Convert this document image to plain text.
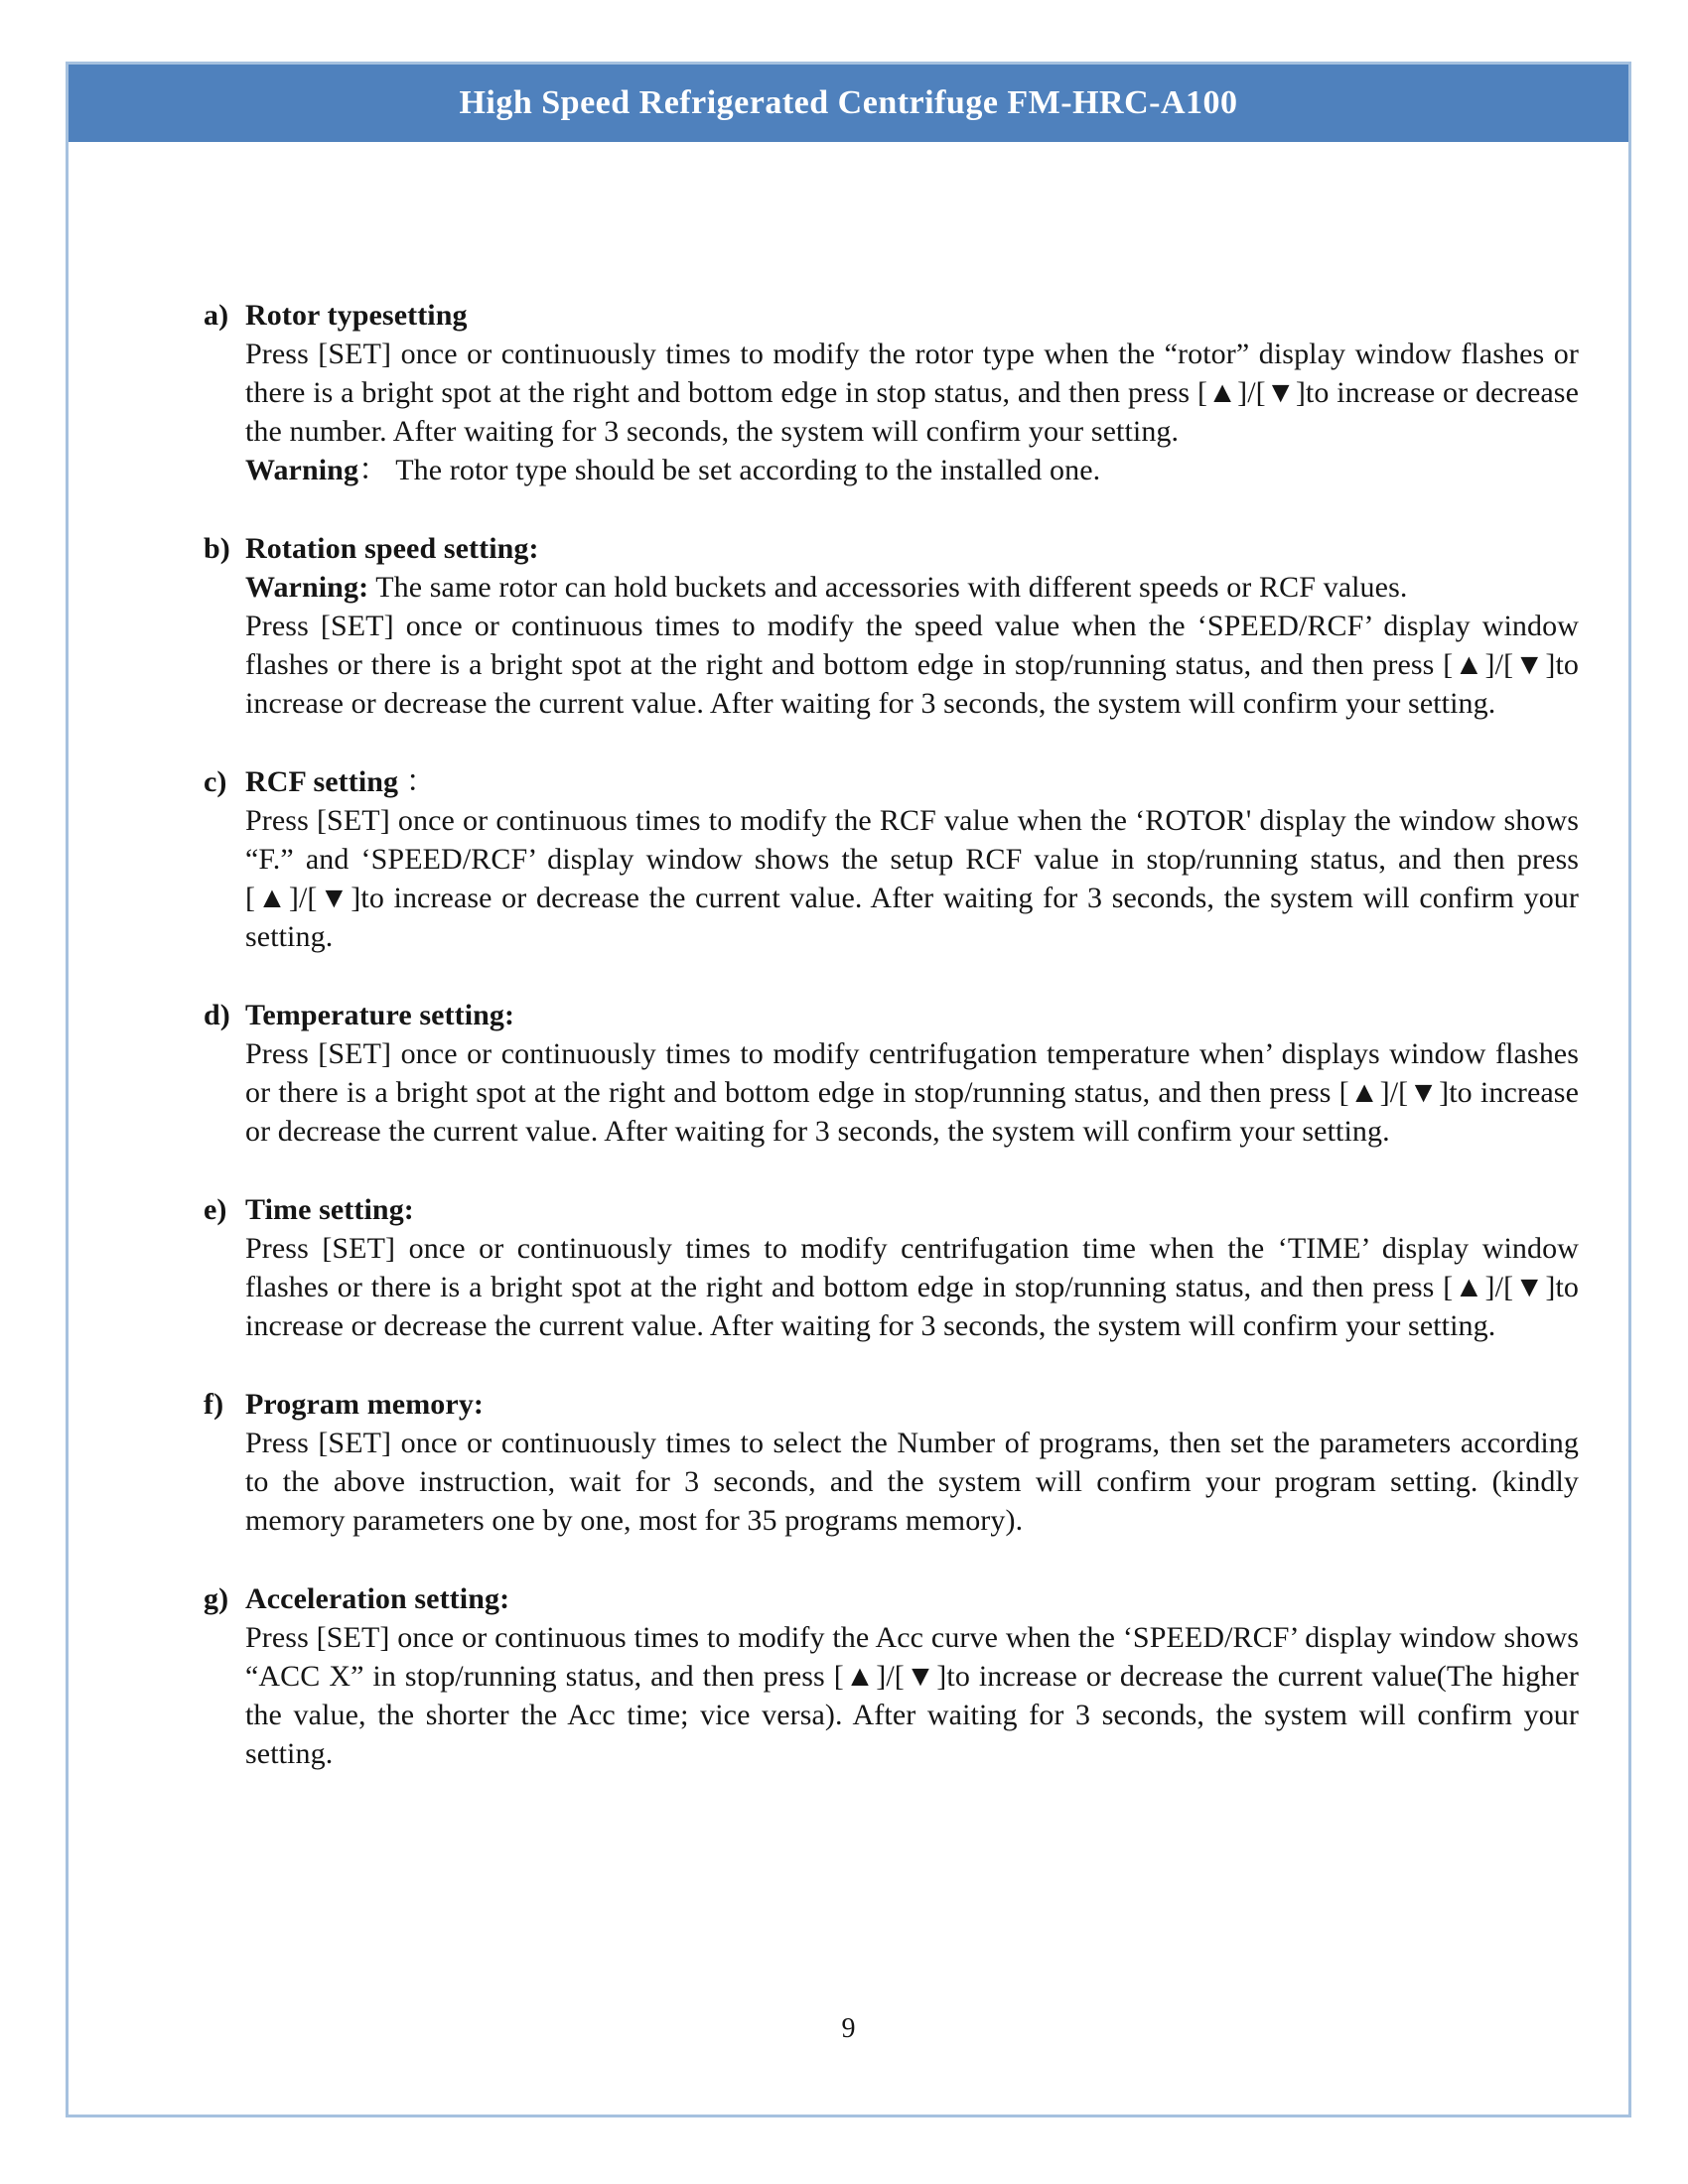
High Speed Refrigerated Centrifuge FM-HRC-A100
a) Rotor typesetting

Press [SET] once or continuously times to modify the rotor type when the “rotor” display window flashes or there is a bright spot at the right and bottom edge in stop status, and then press [▲]/[▼]to increase or decrease the number. After waiting for 3 seconds, the system will confirm your setting.

Warning： The rotor type should be set according to the installed one.

b) Rotation speed setting:

Warning: The same rotor can hold buckets and accessories with different speeds or RCF values.

Press [SET] once or continuous times to modify the speed value when the ‘SPEED/RCF’ display window flashes or there is a bright spot at the right and bottom edge in stop/running status, and then press [▲]/[▼]to increase or decrease the current value. After waiting for 3 seconds, the system will confirm your setting.

c) RCF setting ：

Press [SET] once or continuous times to modify the RCF value when the ‘ROTOR' display the window shows “F.” and ‘SPEED/RCF’ display window shows the setup RCF value in stop/running status, and then press [▲]/[▼]to increase or decrease the current value. After waiting for 3 seconds, the system will confirm your setting.

d) Temperature setting:

Press [SET] once or continuously times to modify centrifugation temperature when’ displays window flashes or there is a bright spot at the right and bottom edge in stop/running status, and then press [▲]/[▼]to increase or decrease the current value. After waiting for 3 seconds, the system will confirm your setting.

e) Time setting:

Press [SET] once or continuously times to modify centrifugation time when the ‘TIME’ display window flashes or there is a bright spot at the right and bottom edge in stop/running status, and then press [▲]/[▼]to increase or decrease the current value. After waiting for 3 seconds, the system will confirm your setting.

f) Program memory:

Press [SET] once or continuously times to select the Number of programs, then set the parameters according to the above instruction, wait for 3 seconds, and the system will confirm your program setting. (kindly memory parameters one by one, most for 35 programs memory).

g) Acceleration setting:

Press [SET] once or continuous times to modify the Acc curve when the ‘SPEED/RCF’ display window shows “ACC X” in stop/running status, and then press [▲]/[▼]to increase or decrease the current value(The higher the value, the shorter the Acc time; vice versa). After waiting for 3 seconds, the system will confirm your setting.

9
